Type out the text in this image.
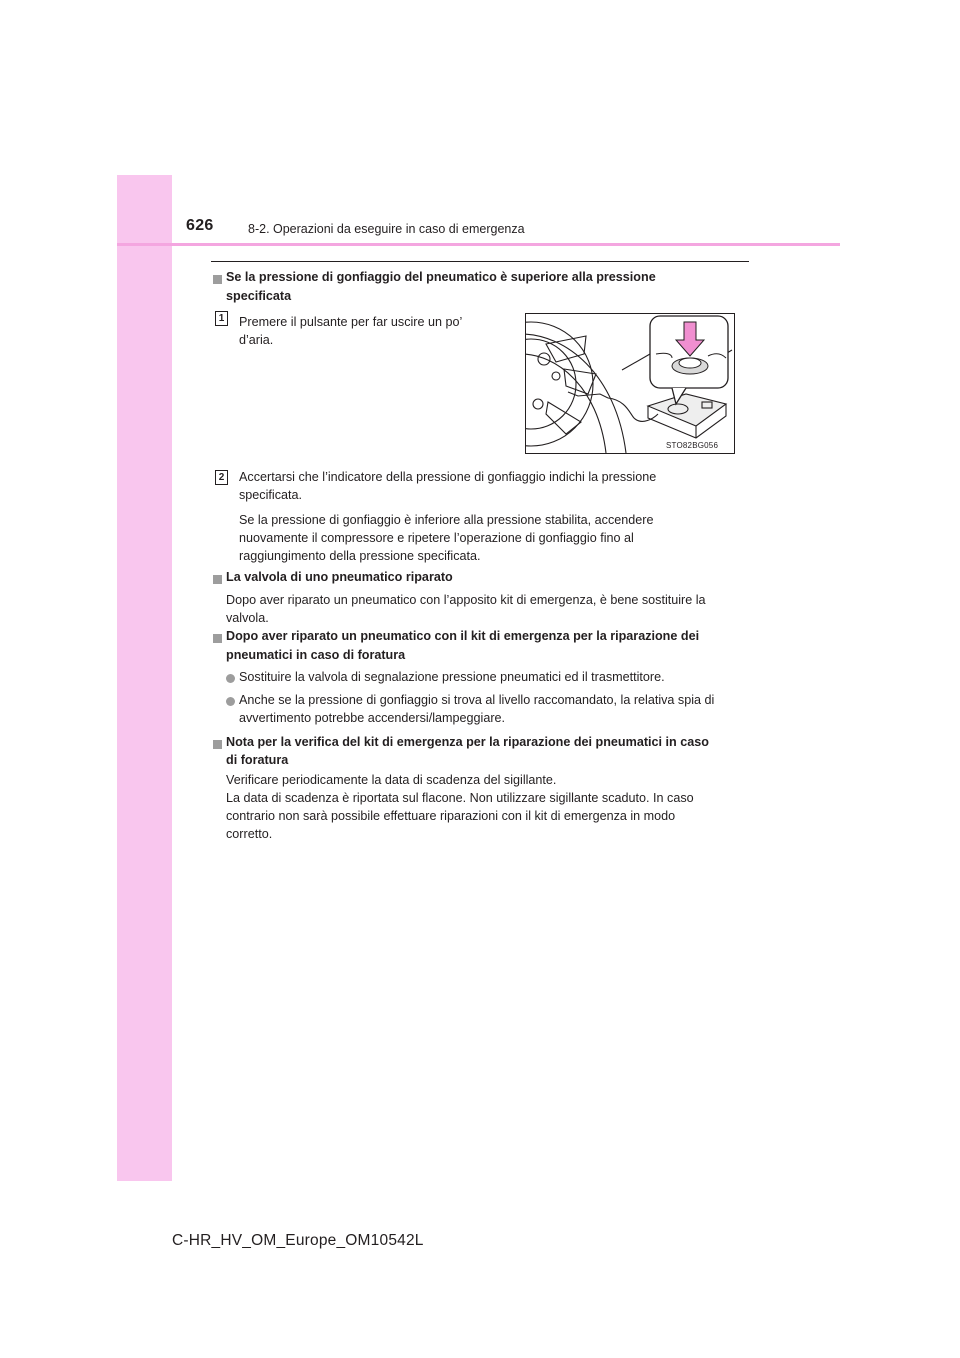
626	8-2. Operazioni da eseguire in caso di emergenza

Se la pressione di gonfiaggio del pneumatico è superiore alla pressione

specificata

1 Premere il pulsante per far uscire un po’

d’aria.

STO82BG056
2 Accertarsi che l’indicatore della pressione di gonfiaggio indichi la pressione

specificata.

Se la pressione di gonfiaggio è inferiore alla pressione stabilita, accendere

nuovamente il compressore e ripetere l’operazione di gonfiaggio fino al

raggiungimento della pressione specificata.

La valvola di uno pneumatico riparato

Dopo aver riparato un pneumatico con l’apposito kit di emergenza, è bene sostituire la

valvola.

Dopo aver riparato un pneumatico con il kit di emergenza per la riparazione dei

pneumatici in caso di foratura

Sostituire la valvola di segnalazione pressione pneumatici ed il trasmettitore.

Anche se la pressione di gonfiaggio si trova al livello raccomandato, la relativa spia di

avvertimento potrebbe accendersi/lampeggiare.

Nota per la verifica del kit di emergenza per la riparazione dei pneumatici in caso

di foratura

Verificare periodicamente la data di scadenza del sigillante.

La data di scadenza è riportata sul flacone. Non utilizzare sigillante scaduto. In caso

contrario non sarà possibile effettuare riparazioni con il kit di emergenza in modo

corretto.

C-HR_HV_OM_Europe_OM10542L
